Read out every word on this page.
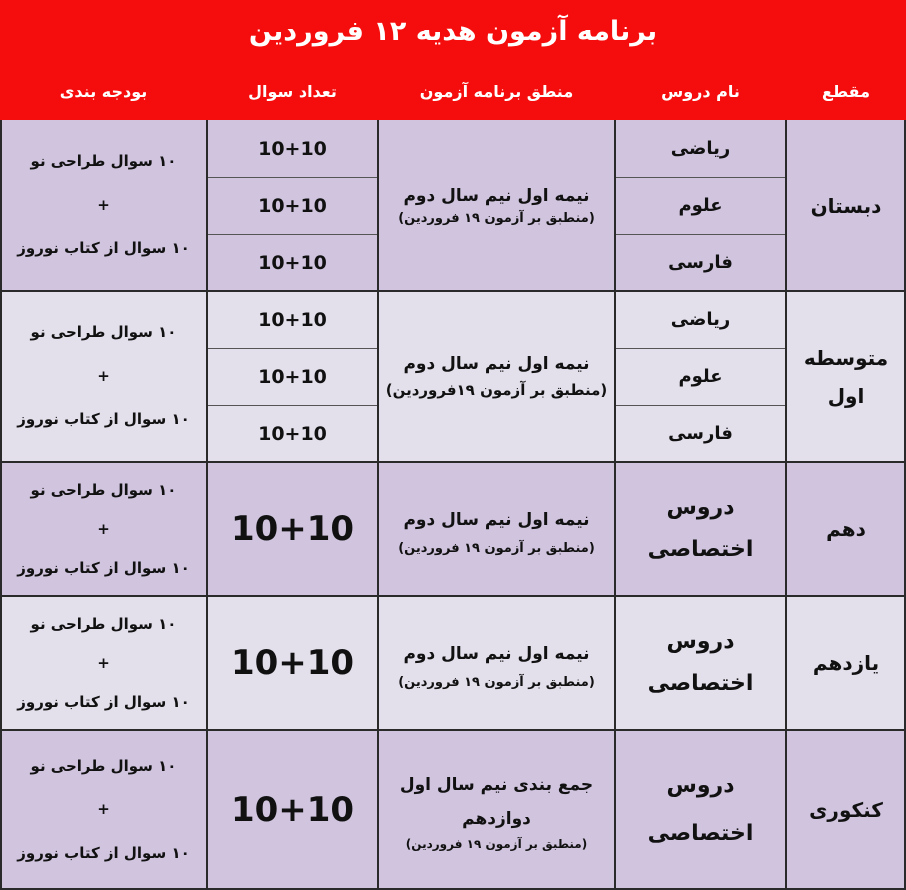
برنامه آزمون هدیه ۱۲ فروردین
مقطع
نام دروس
منطق برنامه آزمون
تعداد سوال
بودجه بندی
دبستان
ریاضی
علوم
فارسی
نیمه اول نیم سال دوم
(منطبق بر آزمون ۱۹ فروردین)
10+10
10+10
10+10
۱۰ سوال طراحی نو
+
۱۰ سوال از کتاب نوروز
متوسطه
اول
ریاضی
علوم
فارسی
نیمه اول نیم سال دوم
(منطبق بر آزمون ۱۹فروردین)
10+10
10+10
10+10
۱۰ سوال طراحی نو
+
۱۰ سوال از کتاب نوروز
دهم
دروس
اختصاصی
نیمه اول نیم سال دوم
(منطبق بر آزمون ۱۹ فروردین)
10+10
۱۰ سوال طراحی نو
+
۱۰ سوال از کتاب نوروز
یازدهم
دروس
اختصاصی
نیمه اول نیم سال دوم
(منطبق بر آزمون ۱۹ فروردین)
10+10
۱۰ سوال طراحی نو
+
۱۰ سوال از کتاب نوروز
کنکوری
دروس
اختصاصی
جمع بندی نیم سال اول
دوازدهم
(منطبق بر آزمون ۱۹ فروردین)
10+10
۱۰ سوال طراحی نو
+
۱۰ سوال از کتاب نوروز
